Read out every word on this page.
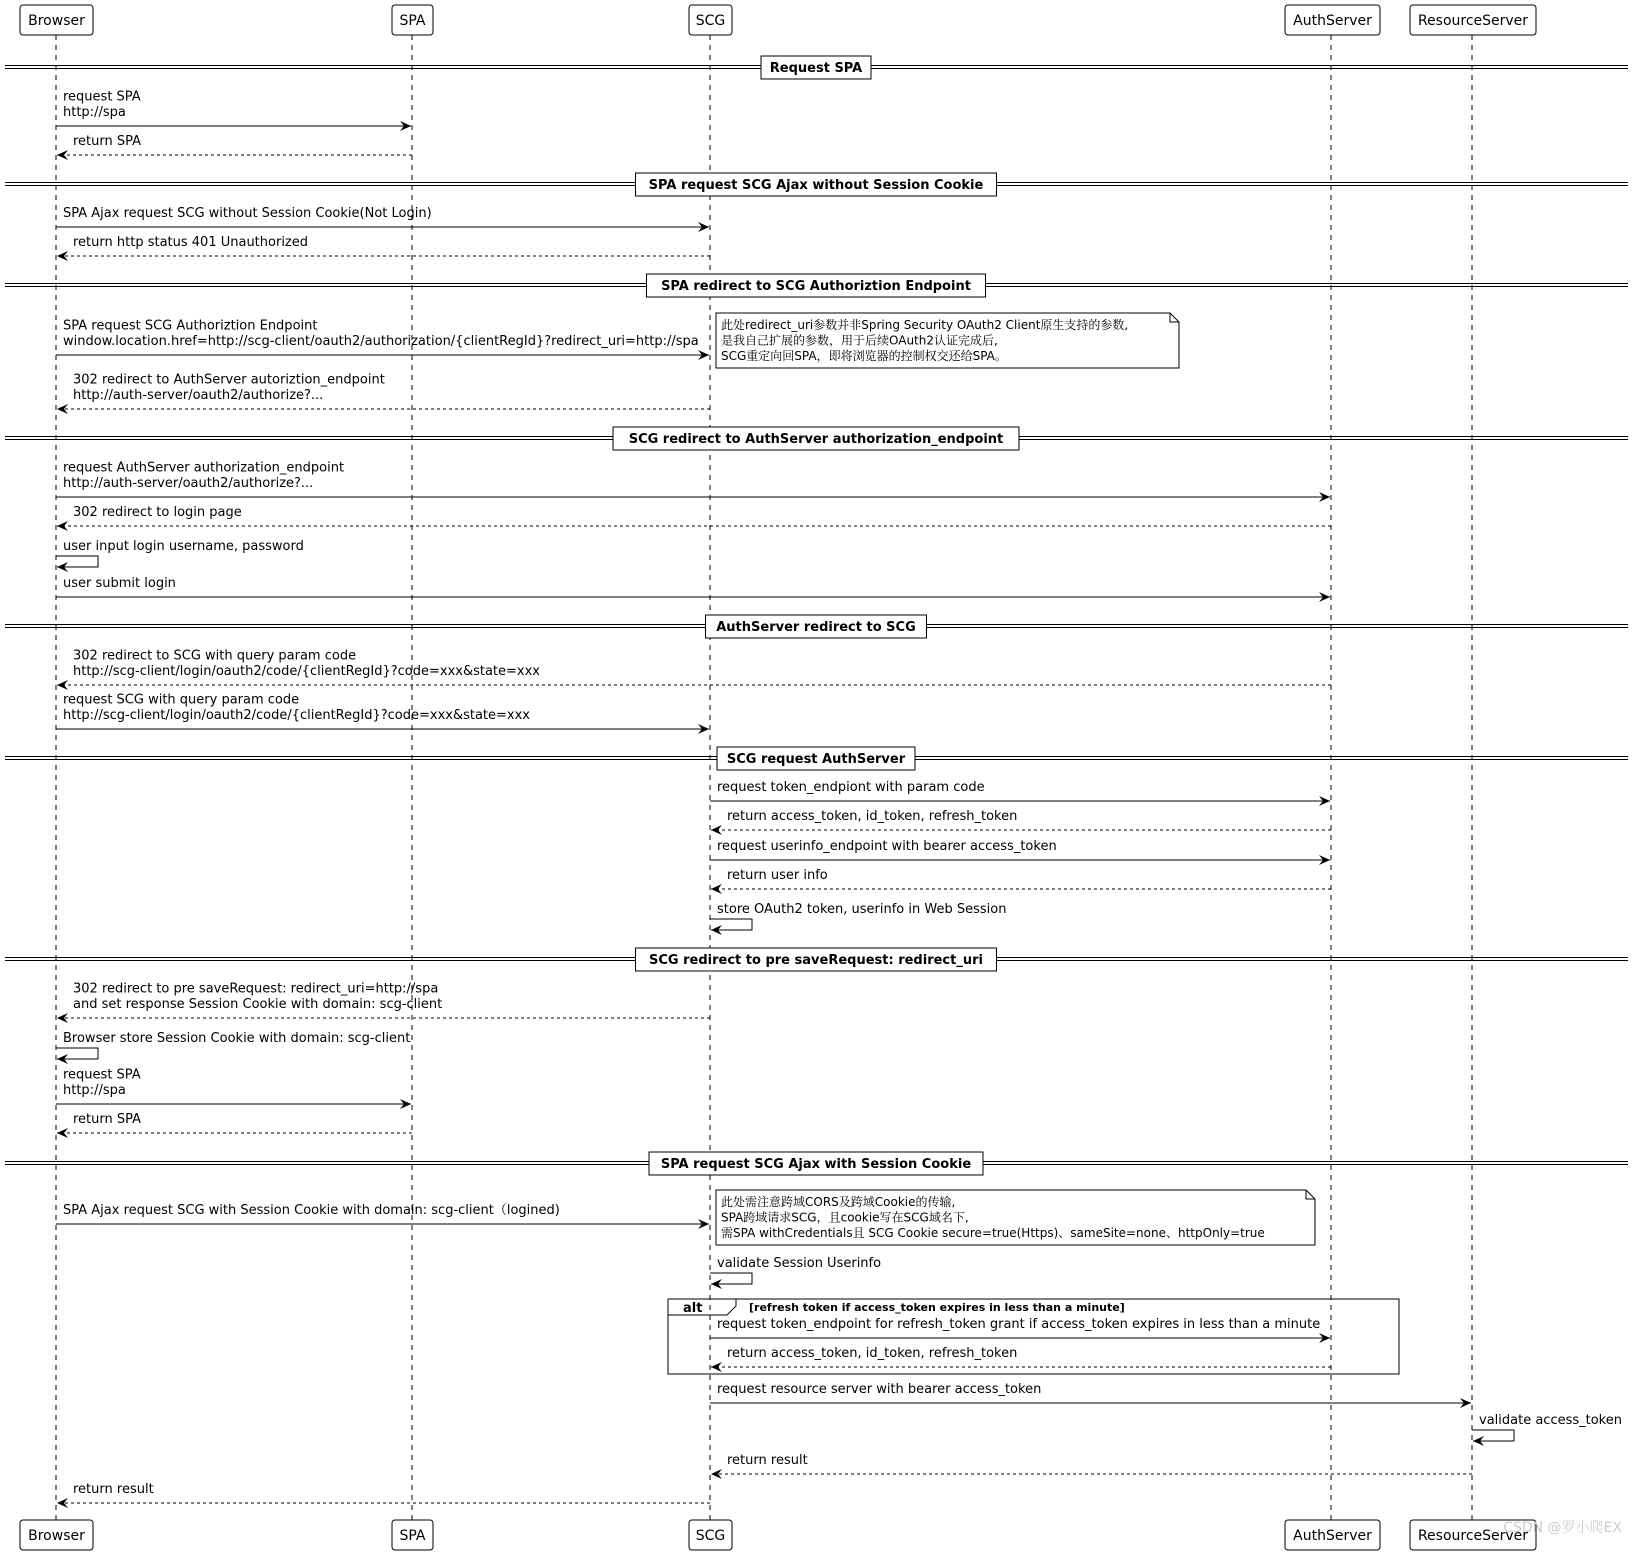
Request SPA
SPA request SCG Ajax without Session Cookie
SPA redirect to SCG Authoriztion Endpoint
SCG redirect to AuthServer authorization_endpoint
AuthServer redirect to SCG
SCG request AuthServer
SCG redirect to pre saveRequest: redirect_uri
SPA request SCG Ajax with Session Cookie
alt	[refresh token if access_token expires in less than a minute]
此处redirect_uri参数并非Spring Security OAuth2 Client原生支持的参数,
是我自己扩展的参数，用于后续OAuth2认证完成后,
SCG重定向回SPA，即将浏览器的控制权交还给SPA。
此处需注意跨域CORS及跨域Cookie的传输,
SPA跨域请求SCG，且cookie写在SCG域名下,
需SPA withCredentials且 SCG Cookie secure=true(Https)、sameSite=none、httpOnly=true
request SPA
http://spa
return SPA
SPA Ajax request SCG without Session Cookie(Not Login)
return http status 401 Unauthorized
SPA request SCG Authoriztion Endpoint
window.location.href=http://scg-client/oauth2/authorization/{clientRegId}?redirect_uri=http://spa
302 redirect to AuthServer autoriztion_endpoint
http://auth-server/oauth2/authorize?...
request AuthServer authorization_endpoint
http://auth-server/oauth2/authorize?...
302 redirect to login page
user input login username, password
user submit login
302 redirect to SCG with query param code
http://scg-client/login/oauth2/code/{clientRegId}?code=xxx&state=xxx
request SCG with query param code
http://scg-client/login/oauth2/code/{clientRegId}?code=xxx&state=xxx
request token_endpiont with param code
return access_token, id_token, refresh_token
request userinfo_endpoint with bearer access_token
return user info
store OAuth2 token, userinfo in Web Session
302 redirect to pre saveRequest: redirect_uri=http://spa
and set response Session Cookie with domain: scg-client
Browser store Session Cookie with domain: scg-client
request SPA
http://spa
return SPA
SPA Ajax request SCG with Session Cookie with domain: scg-client（logined)
validate Session Userinfo
request token_endpoint for refresh_token grant if access_token expires in less than a minute
return access_token, id_token, refresh_token
request resource server with bearer access_token
validate access_token
return result
return result
Browser
Browser
SPA
SPA
SCG
SCG
AuthServer
AuthServer
ResourceServer
ResourceServer
CSDN @罗小爬EX
